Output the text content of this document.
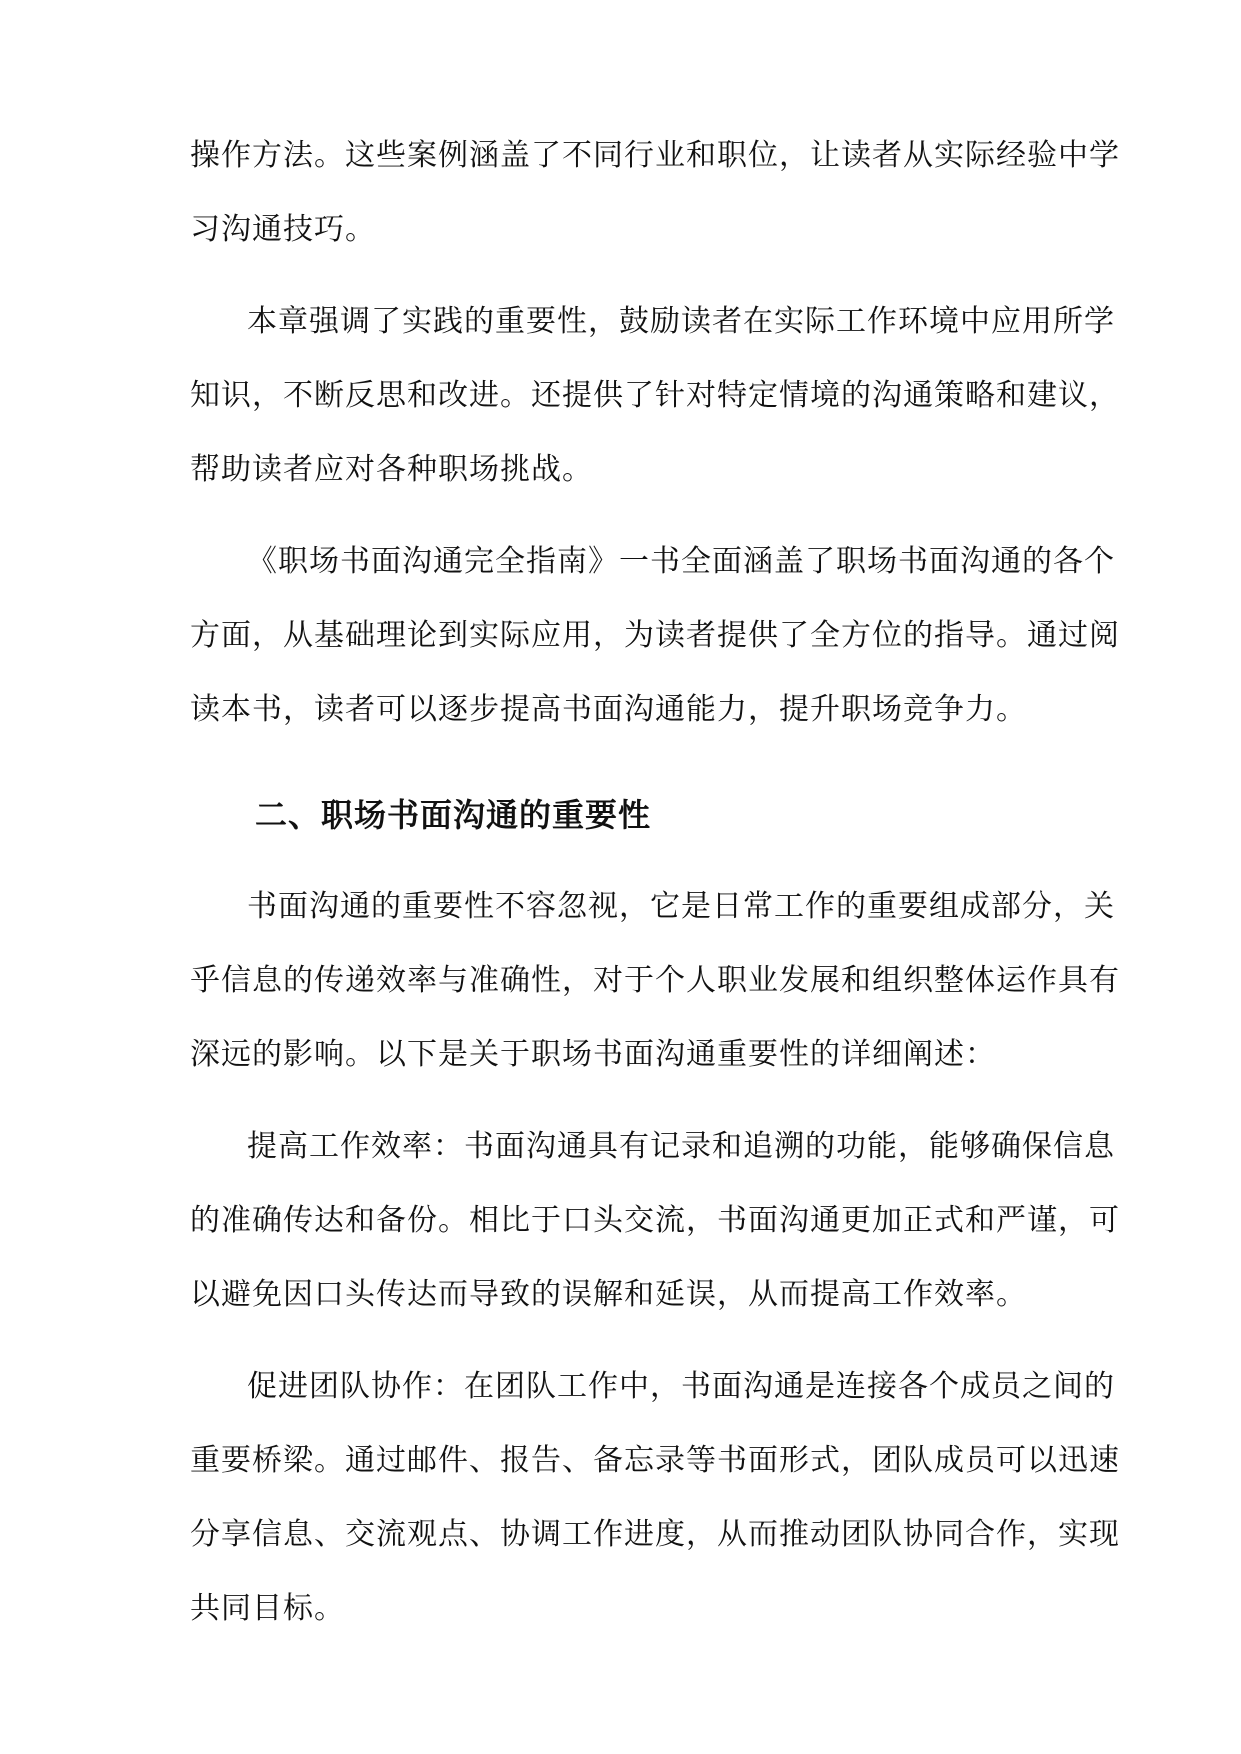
操作方法。这些案例涵盖了不同行业和职位，让读者从实际经验中学

习沟通技巧。

本章强调了实践的重要性，鼓励读者在实际工作环境中应用所学

知识，不断反思和改进。还提供了针对特定情境的沟通策略和建议，

帮助读者应对各种职场挑战。

《职场书面沟通完全指南》一书全面涵盖了职场书面沟通的各个

方面，从基础理论到实际应用，为读者提供了全方位的指导。通过阅

读本书，读者可以逐步提高书面沟通能力，提升职场竞争力。

二、职场书面沟通的重要性

书面沟通的重要性不容忽视，它是日常工作的重要组成部分，关

乎信息的传递效率与准确性，对于个人职业发展和组织整体运作具有

深远的影响。以下是关于职场书面沟通重要性的详细阐述：

提高工作效率：书面沟通具有记录和追溯的功能，能够确保信息

的准确传达和备份。相比于口头交流，书面沟通更加正式和严谨，可

以避免因口头传达而导致的误解和延误，从而提高工作效率。

促进团队协作：在团队工作中，书面沟通是连接各个成员之间的

重要桥梁。通过邮件、报告、备忘录等书面形式，团队成员可以迅速

分享信息、交流观点、协调工作进度，从而推动团队协同合作，实现

共同目标。
